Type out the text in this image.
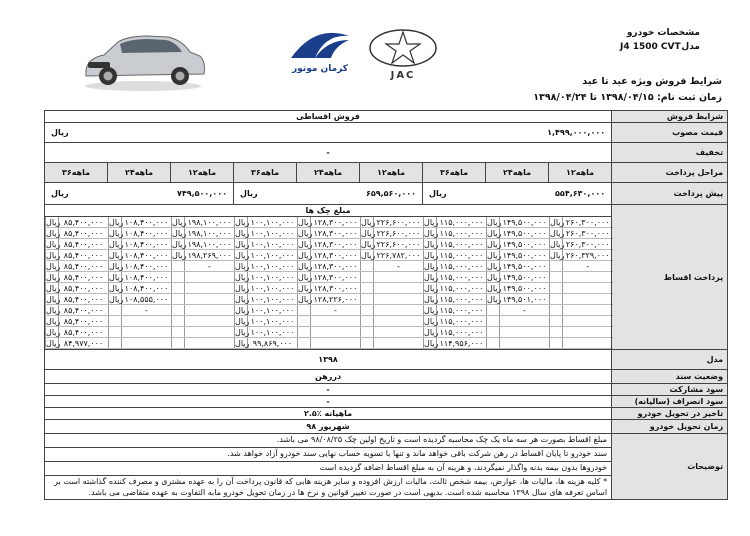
کرمان موتور
JAC
مشخصات خودرو
مدل
J4 1500 CVT
شرایط فروش ویژه عید تا عید
زمان ثبت نام: ۱۳۹۸/۰۴/۱۵ تا ۱۳۹۸/۰۴/۲۴
فروش اقساطی	شرایط فروش

ریال	۱,۴۹۹,۰۰۰,۰۰۰	قیمت مصوب
-	تخفیف
۳۶ماهه	۲۴ماهه	۱۲ماهه	۳۶ماهه	۲۴ماهه	۱۲ماهه	۳۶ماهه	۲۴ماهه	۱۲ماهه	مراحل پرداخت

ریال	۷۴۹,۵۰۰,۰۰۰	ریال	۶۵۹,۵۶۰,۰۰۰	ریال	۵۵۴,۶۳۰,۰۰۰	پیش پرداخت
مبلغ چک ها	پرداخت اقساط

ریال	۸۵,۴۰۰,۰۰۰	ریال	۱۰۸,۴۰۰,۰۰۰	ریال	۱۹۸,۱۰۰,۰۰۰	ریال	۱۰۰,۱۰۰,۰۰۰	ریال	۱۲۸,۳۰۰,۰۰۰	ریال	۲۲۶,۶۰۰,۰۰۰	ریال	۱۱۵,۰۰۰,۰۰۰	ریال	۱۴۹,۵۰۰,۰۰۰	ریال	۲۶۰,۳۰۰,۰۰۰
ریال	۸۵,۴۰۰,۰۰۰	ریال	۱۰۸,۴۰۰,۰۰۰	ریال	۱۹۸,۱۰۰,۰۰۰	ریال	۱۰۰,۱۰۰,۰۰۰	ریال	۱۲۸,۳۰۰,۰۰۰	ریال	۲۲۶,۶۰۰,۰۰۰	ریال	۱۱۵,۰۰۰,۰۰۰	ریال	۱۴۹,۵۰۰,۰۰۰	ریال	۲۶۰,۳۰۰,۰۰۰
ریال	۸۵,۴۰۰,۰۰۰	ریال	۱۰۸,۴۰۰,۰۰۰	ریال	۱۹۸,۱۰۰,۰۰۰	ریال	۱۰۰,۱۰۰,۰۰۰	ریال	۱۲۸,۳۰۰,۰۰۰	ریال	۲۲۶,۶۰۰,۰۰۰	ریال	۱۱۵,۰۰۰,۰۰۰	ریال	۱۴۹,۵۰۰,۰۰۰	ریال	۲۶۰,۳۰۰,۰۰۰
ریال	۸۵,۴۰۰,۰۰۰	ریال	۱۰۸,۴۰۰,۰۰۰	ریال	۱۹۸,۲۶۹,۰۰۰	ریال	۱۰۰,۱۰۰,۰۰۰	ریال	۱۲۸,۳۰۰,۰۰۰	ریال	۲۲۶,۷۸۲,۰۰۰	ریال	۱۱۵,۰۰۰,۰۰۰	ریال	۱۴۹,۵۰۰,۰۰۰	ریال	۲۶۰,۳۲۹,۰۰۰
ریال	۸۵,۴۰۰,۰۰۰	ریال	۱۰۸,۴۰۰,۰۰۰		-	ریال	۱۰۰,۱۰۰,۰۰۰	ریال	۱۲۸,۳۰۰,۰۰۰		-	ریال	۱۱۵,۰۰۰,۰۰۰	ریال	۱۴۹,۵۰۰,۰۰۰		-
ریال	۸۵,۴۰۰,۰۰۰	ریال	۱۰۸,۴۰۰,۰۰۰			ریال	۱۰۰,۱۰۰,۰۰۰	ریال	۱۲۸,۳۰۰,۰۰۰			ریال	۱۱۵,۰۰۰,۰۰۰	ریال	۱۴۹,۵۰۰,۰۰۰		
ریال	۸۵,۴۰۰,۰۰۰	ریال	۱۰۸,۴۰۰,۰۰۰			ریال	۱۰۰,۱۰۰,۰۰۰	ریال	۱۲۸,۳۰۰,۰۰۰			ریال	۱۱۵,۰۰۰,۰۰۰	ریال	۱۴۹,۵۰۰,۰۰۰		
ریال	۸۵,۴۰۰,۰۰۰	ریال	۱۰۸,۵۵۵,۰۰۰			ریال	۱۰۰,۱۰۰,۰۰۰	ریال	۱۲۸,۲۲۶,۰۰۰			ریال	۱۱۵,۰۰۰,۰۰۰	ریال	۱۴۹,۵۰۱,۰۰۰		
ریال	۸۵,۴۰۰,۰۰۰		-			ریال	۱۰۰,۱۰۰,۰۰۰		-			ریال	۱۱۵,۰۰۰,۰۰۰		-		
ریال	۸۵,۴۰۰,۰۰۰					ریال	۱۰۰,۱۰۰,۰۰۰					ریال	۱۱۵,۰۰۰,۰۰۰				
ریال	۸۵,۴۰۰,۰۰۰					ریال	۱۰۰,۱۰۰,۰۰۰					ریال	۱۱۵,۰۰۰,۰۰۰				
ریال	۸۴,۹۷۷,۰۰۰					ریال	۹۹,۸۶۹,۰۰۰					ریال	۱۱۴,۹۵۶,۰۰۰				

۱۳۹۸	مدل
دررهن	وضعیت سند
-	سود مشارکت
-	سود انصراف (سالیانه)
۲.۵٪ ماهیانه	تاخیر در تحویل خودرو
شهریور ۹۸	زمان تحویل خودرو
مبلغ اقساط بصورت هر سه ماه یک چک محاسبه گردیده است و تاریخ اولین چک ۹۸/۰۸/۲۵ می باشد.	توضیحات
سند خودرو تا پایان اقساط در رهن شرکت باقی خواهد ماند و تنها با تسویه حساب نهایی سند خودرو آزاد خواهد شد.
خودروها بدون بیمه بدنه واگذار نمیگردند، و هزینه آن به مبلغ اقساط اضافه گردیده است
* کلیه هزینه ها، مالیات ها، عوارض، بیمه شخص ثالث، مالیات ارزش افزوده و سایر هزینه هایی که قانون پرداخت آن را به عهده مشتری و مصرف کننده گذاشته است بر اساس تعرفه های سال ۱۳۹۸ محاسبه شده است. بدیهی است در صورت تغییر قوانین و نرخ ها در زمان تحویل خودرو مابه التفاوت به عهده متقاضی می باشد.
